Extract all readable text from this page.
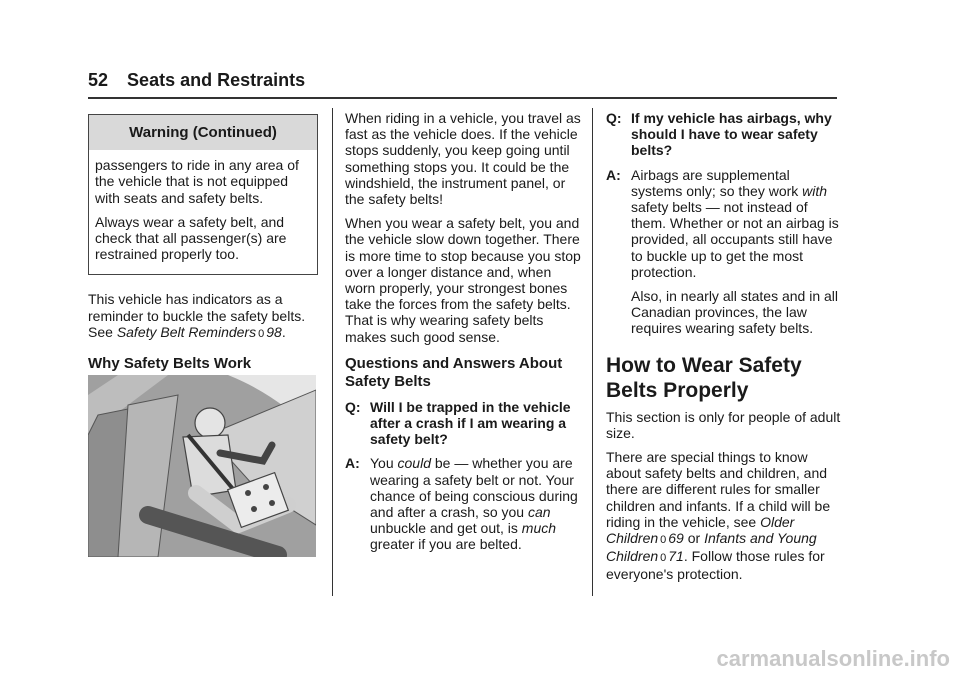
52 Seats and Restraints
Warning (Continued)

passengers to ride in any area of the vehicle that is not equipped with seats and safety belts.

Always wear a safety belt, and check that all passenger(s) are restrained properly too.

This vehicle has indicators as a reminder to buckle the safety belts. See Safety Belt Reminders 0 98.

Why Safety Belts Work

When riding in a vehicle, you travel as fast as the vehicle does. If the vehicle stops suddenly, you keep going until something stops you. It could be the windshield, the instrument panel, or the safety belts!

When you wear a safety belt, you and the vehicle slow down together. There is more time to stop because you stop over a longer distance and, when worn properly, your strongest bones take the forces from the safety belts. That is why wearing safety belts makes such good sense.

Questions and Answers About Safety Belts
Q: Will I be trapped in the vehicle after a crash if I am wearing a safety belt?
A: You could be — whether you are wearing a safety belt or not. Your chance of being conscious during and after a crash, so you can unbuckle and get out, is much greater if you are belted.
Q: If my vehicle has airbags, why should I have to wear safety belts?
A: Airbags are supplemental systems only; so they work with safety belts — not instead of them. Whether or not an airbag is provided, all occupants still have to buckle up to get the most protection.

Also, in nearly all states and in all Canadian provinces, the law requires wearing safety belts.

How to Wear Safety Belts Properly

This section is only for people of adult size.

There are special things to know about safety belts and children, and there are different rules for smaller children and infants. If a child will be riding in the vehicle, see Older Children 0 69 or Infants and Young Children 0 71. Follow those rules for everyone's protection.

carmanualsonline.info
